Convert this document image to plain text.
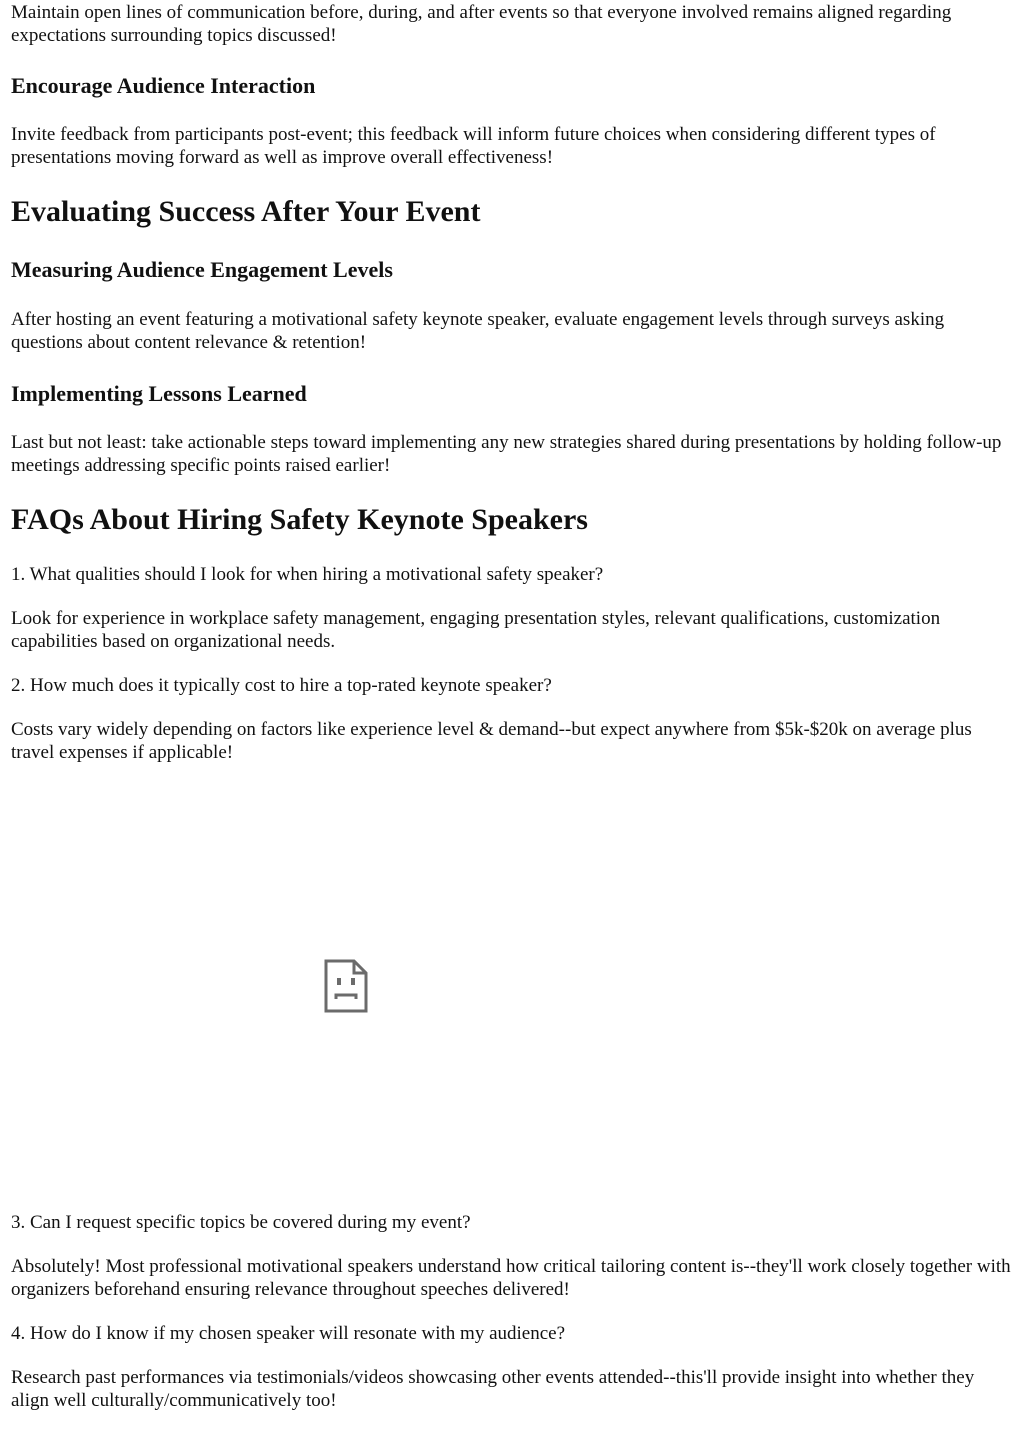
Maintain open lines of communication before, during, and after events so that everyone involved remains aligned regarding expectations surrounding topics discussed!

Encourage Audience Interaction

Invite feedback from participants post-event; this feedback will inform future choices when considering different types of presentations moving forward as well as improve overall effectiveness!

Evaluating Success After Your Event
Measuring Audience Engagement Levels

After hosting an event featuring a motivational safety keynote speaker, evaluate engagement levels through surveys asking questions about content relevance & retention!

Implementing Lessons Learned

Last but not least: take actionable steps toward implementing any new strategies shared during presentations by holding follow-up meetings addressing specific points raised earlier!

FAQs About Hiring Safety Keynote Speakers

1. What qualities should I look for when hiring a motivational safety speaker?

Look for experience in workplace safety management, engaging presentation styles, relevant qualifications, customization capabilities based on organizational needs.

2. How much does it typically cost to hire a top-rated keynote speaker?

Costs vary widely depending on factors like experience level & demand--but expect anywhere from $5k-$20k on average plus travel expenses if applicable!

3. Can I request specific topics be covered during my event?

Absolutely! Most professional motivational speakers understand how critical tailoring content is--they'll work closely together with organizers beforehand ensuring relevance throughout speeches delivered!

4. How do I know if my chosen speaker will resonate with my audience?

Research past performances via testimonials/videos showcasing other events attended--this'll provide insight into whether they align well culturally/communicatively too!
